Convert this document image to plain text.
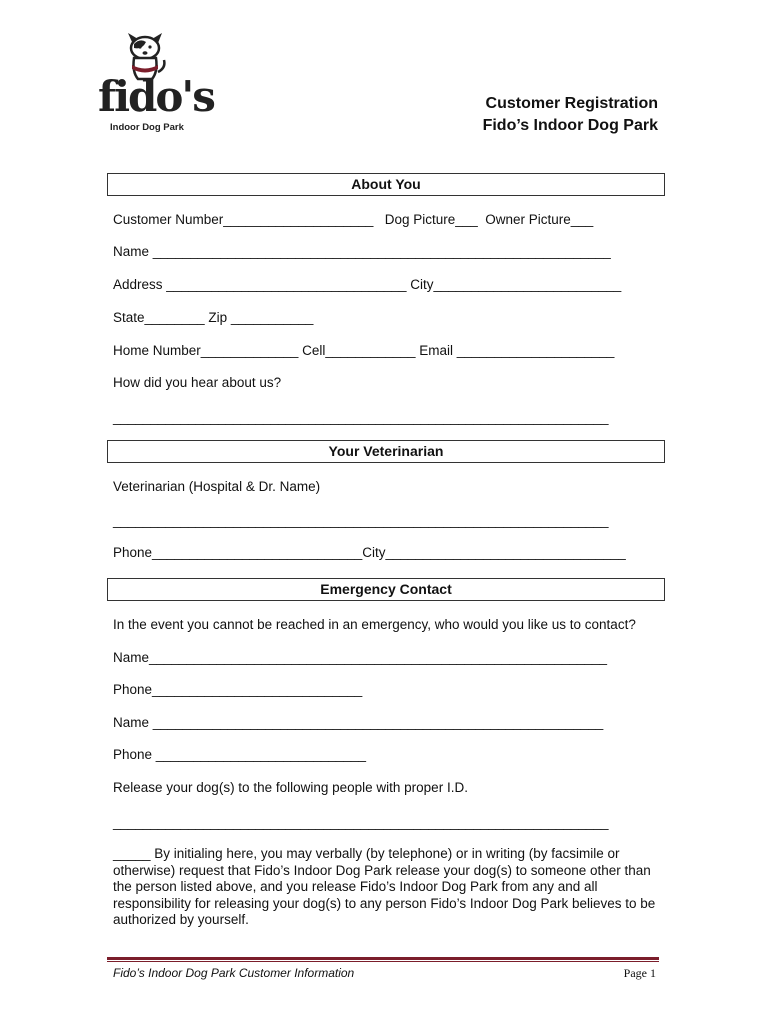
fido's
Indoor Dog Park
Customer Registration
Fido’s Indoor Dog Park
About You
Customer Number____________________   Dog Picture___  Owner Picture___
Name _____________________________________________________________
Address ________________________________ City_________________________
State________ Zip ___________
Home Number_____________ Cell____________ Email _____________________
How did you hear about us?
__________________________________________________________________
Your Veterinarian
Veterinarian (Hospital & Dr. Name)
__________________________________________________________________
Phone____________________________City________________________________
Emergency Contact
In the event you cannot be reached in an emergency, who would you like us to contact?
Name_____________________________________________________________
Phone____________________________
Name ____________________________________________________________
Phone ____________________________
Release your dog(s) to the following people with proper I.D.
__________________________________________________________________
_____ By initialing here, you may verbally (by telephone) or in writing (by facsimile or otherwise) request that Fido’s Indoor Dog Park release your dog(s) to someone other than the person listed above, and you release Fido’s Indoor Dog Park from any and all responsibility for releasing your dog(s) to any person Fido’s Indoor Dog Park believes to be authorized by yourself.
Fido’s Indoor Dog Park Customer Information	Page 1
